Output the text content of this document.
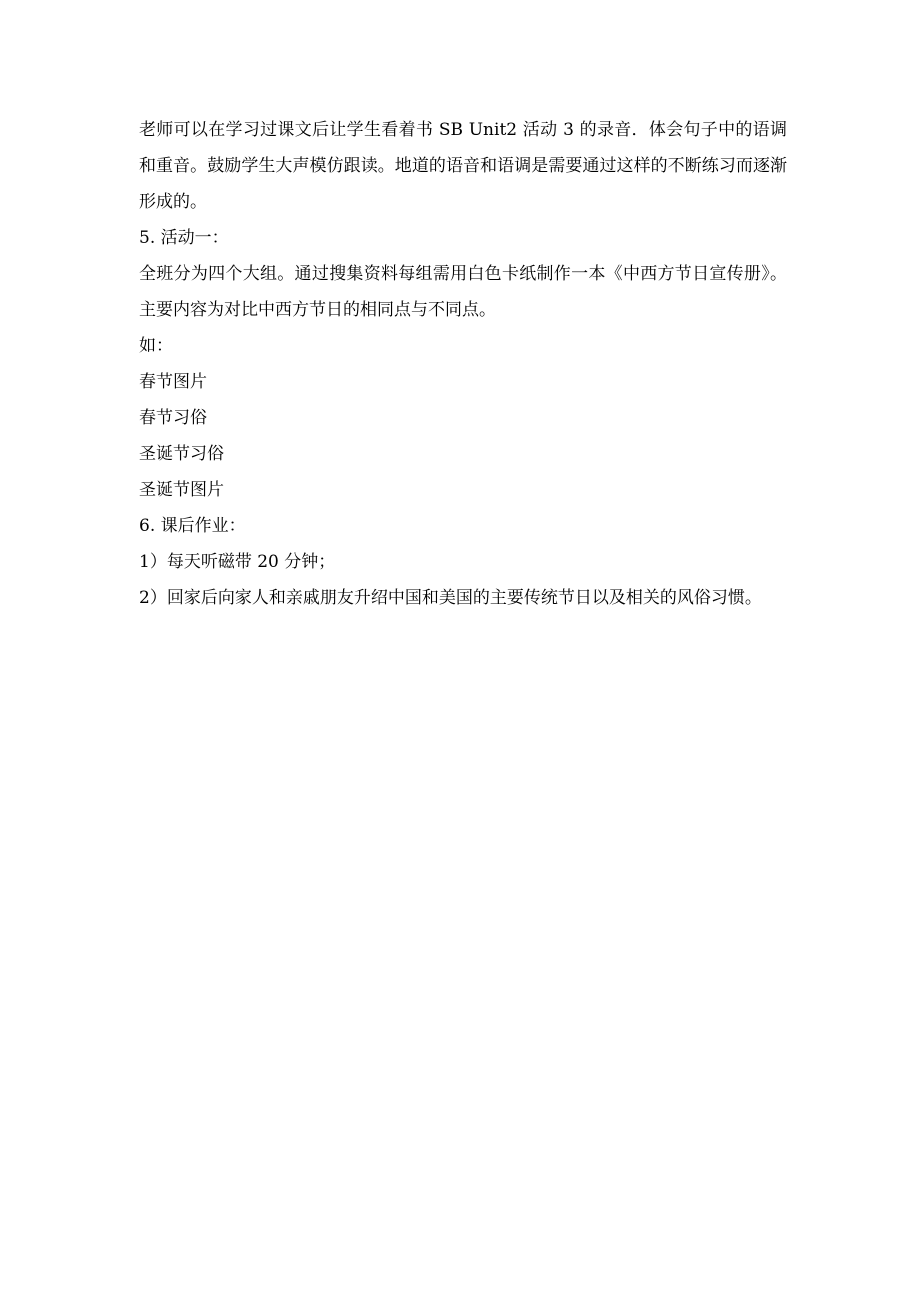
老师可以在学习过课文后让学生看着书 SB Unit2 活动 3 的录音．体会句子中的语调和重音。鼓励学生大声模仿跟读。地道的语音和语调是需要通过这样的不断练习而逐渐形成的。

5. 活动一：

全班分为四个大组。通过搜集资料每组需用白色卡纸制作一本《中西方节日宣传册》。主要内容为对比中西方节日的相同点与不同点。

如：

春节图片

春节习俗

圣诞节习俗

圣诞节图片

6. 课后作业：

1）每天听磁带 20 分钟；

2）回家后向家人和亲戚朋友升绍中国和美国的主要传统节日以及相关的风俗习惯。
